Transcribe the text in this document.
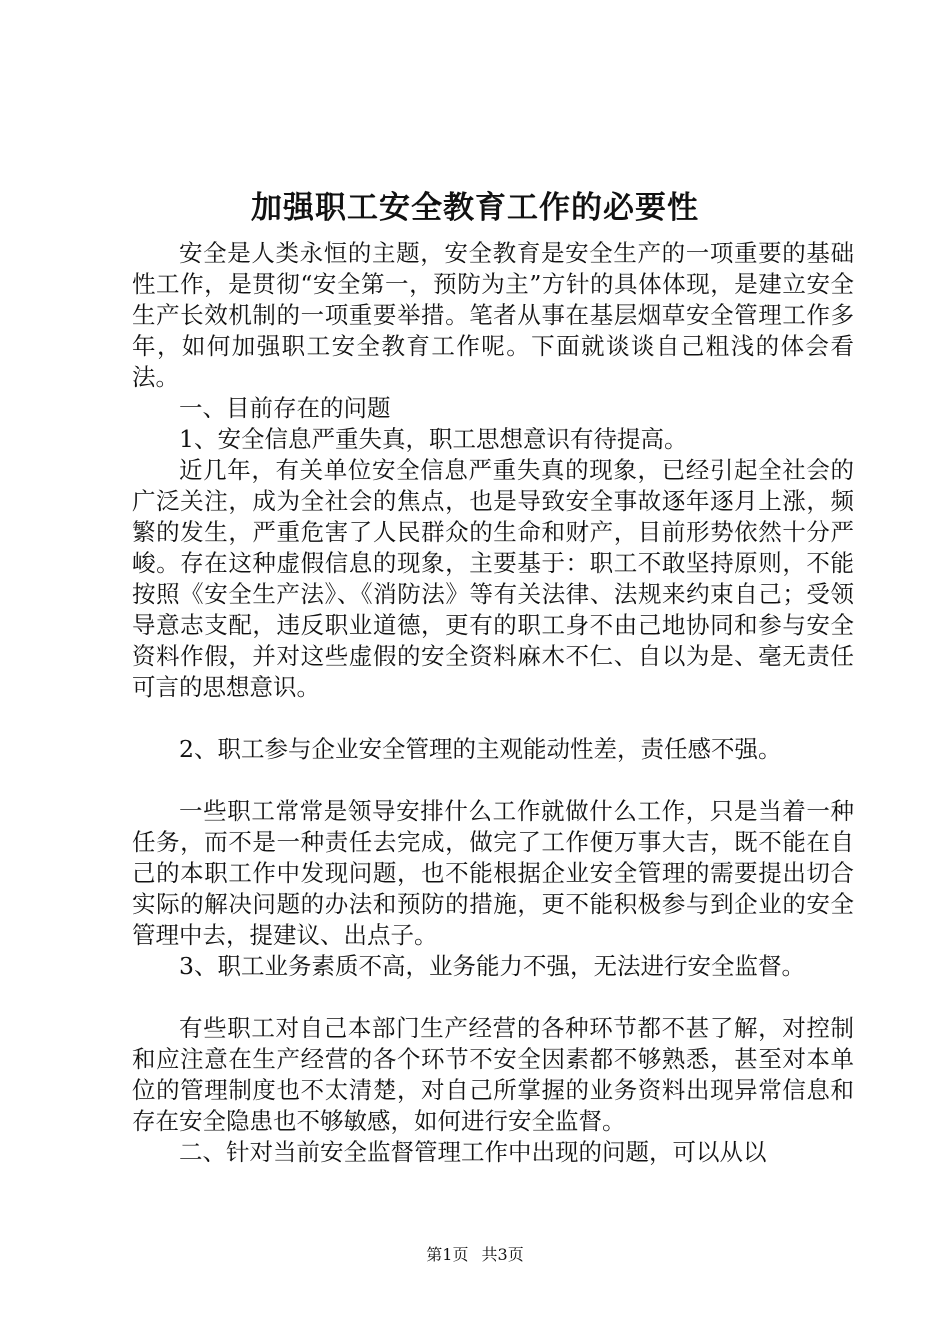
加强职工安全教育工作的必要性

安全是人类永恒的主题，安全教育是安全生产的一项重要的基础性工作，是贯彻“安全第一，预防为主”方针的具体体现，是建立安全生产长效机制的一项重要举措。笔者从事在基层烟草安全管理工作多年，如何加强职工安全教育工作呢。下面就谈谈自己粗浅的体会看法。

一、目前存在的问题

1、安全信息严重失真，职工思想意识有待提高。

近几年，有关单位安全信息严重失真的现象，已经引起全社会的广泛关注，成为全社会的焦点，也是导致安全事故逐年逐月上涨，频繁的发生，严重危害了人民群众的生命和财产，目前形势依然十分严峻。存在这种虚假信息的现象，主要基于：职工不敢坚持原则，不能按照《安全生产法》、《消防法》等有关法律、法规来约束自己；受领导意志支配，违反职业道德，更有的职工身不由己地协同和参与安全资料作假，并对这些虚假的安全资料麻木不仁、自以为是、毫无责任可言的思想意识。

2、职工参与企业安全管理的主观能动性差，责任感不强。

一些职工常常是领导安排什么工作就做什么工作，只是当着一种任务，而不是一种责任去完成，做完了工作便万事大吉，既不能在自己的本职工作中发现问题，也不能根据企业安全管理的需要提出切合实际的解决问题的办法和预防的措施，更不能积极参与到企业的安全管理中去，提建议、出点子。

3、职工业务素质不高，业务能力不强，无法进行安全监督。

有些职工对自己本部门生产经营的各种环节都不甚了解，对控制和应注意在生产经营的各个环节不安全因素都不够熟悉，甚至对本单位的管理制度也不太清楚，对自己所掌握的业务资料出现异常信息和存在安全隐患也不够敏感，如何进行安全监督。

二、针对当前安全监督管理工作中出现的问题，可以从以

第1页 共3页
